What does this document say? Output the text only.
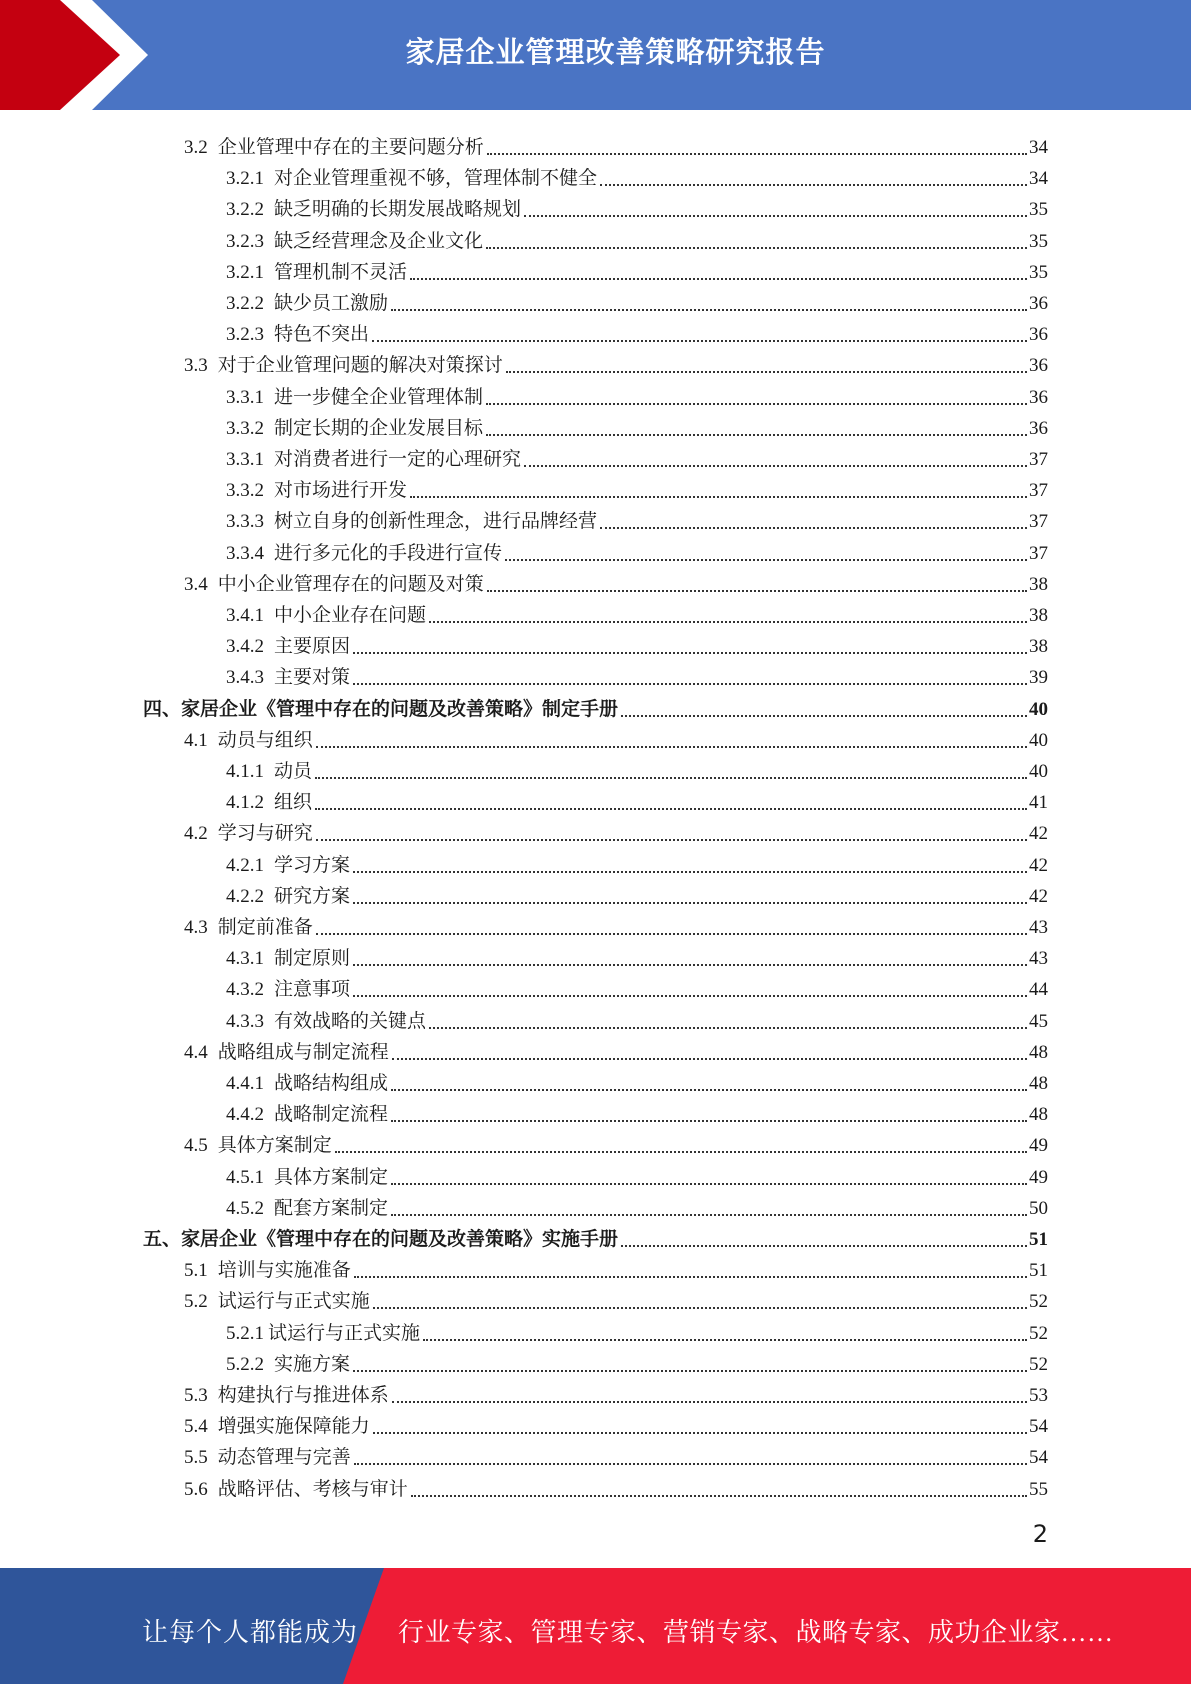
家居企业管理改善策略研究报告
3.2 企业管理中存在的主要问题分析	34
3.2.1 对企业管理重视不够，管理体制不健全	34
3.2.2 缺乏明确的长期发展战略规划	35
3.2.3 缺乏经营理念及企业文化	35
3.2.1 管理机制不灵活	35
3.2.2 缺少员工激励	36
3.2.3 特色不突出	36
3.3 对于企业管理问题的解决对策探讨	36
3.3.1 进一步健全企业管理体制	36
3.3.2 制定长期的企业发展目标	36
3.3.1 对消费者进行一定的心理研究	37
3.3.2 对市场进行开发	37
3.3.3 树立自身的创新性理念，进行品牌经营	37
3.3.4 进行多元化的手段进行宣传	37
3.4 中小企业管理存在的问题及对策	38
3.4.1 中小企业存在问题	38
3.4.2 主要原因	38
3.4.3 主要对策	39
四、 家居企业《管理中存在的问题及改善策略》制定手册	40
4.1 动员与组织	40
4.1.1 动员	40
4.1.2 组织	41
4.2 学习与研究	42
4.2.1 学习方案	42
4.2.2 研究方案	42
4.3 制定前准备	43
4.3.1 制定原则	43
4.3.2 注意事项	44
4.3.3 有效战略的关键点	45
4.4 战略组成与制定流程	48
4.4.1 战略结构组成	48
4.4.2 战略制定流程	48
4.5 具体方案制定	49
4.5.1 具体方案制定	49
4.5.2 配套方案制定	50
五、 家居企业《管理中存在的问题及改善策略》实施手册	51
5.1 培训与实施准备	51
5.2 试运行与正式实施	52
5.2.1 试运行与正式实施	52
5.2.2 实施方案	52
5.3 构建执行与推进体系	53
5.4 增强实施保障能力	54
5.5 动态管理与完善	54
5.6 战略评估、考核与审计	55
2
让每个人都能成为 行业专家、管理专家、营销专家、战略专家、成功企业家……
